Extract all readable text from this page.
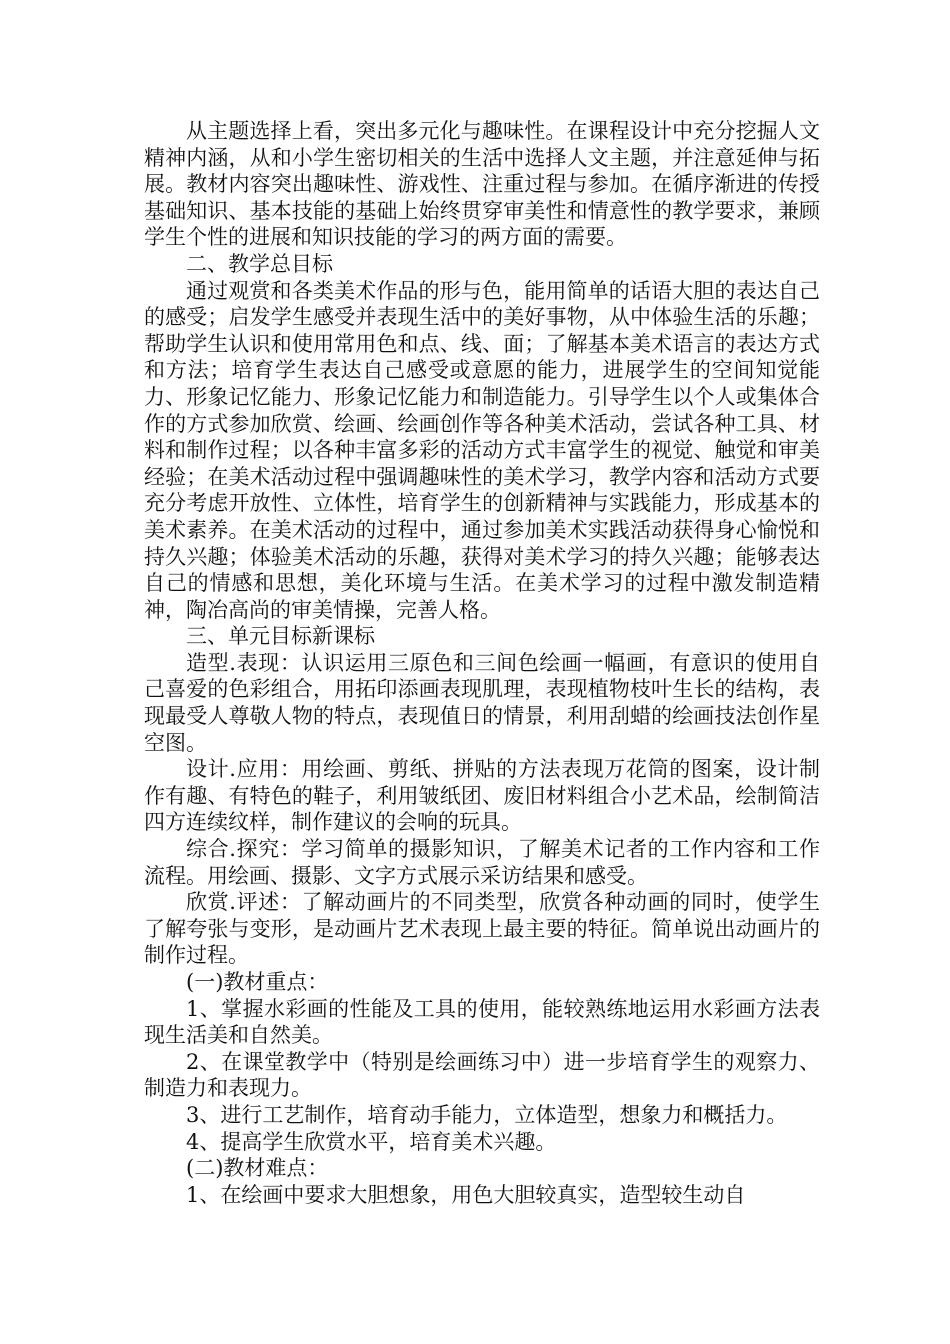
从主题选择上看，突出多元化与趣味性。在课程设计中充分挖掘人文精神内涵，从和小学生密切相关的生活中选择人文主题，并注意延伸与拓展。教材内容突出趣味性、游戏性、注重过程与参加。在循序渐进的传授基础知识、基本技能的基础上始终贯穿审美性和情意性的教学要求，兼顾学生个性的进展和知识技能的学习的两方面的需要。

二、教学总目标

通过观赏和各类美术作品的形与色，能用简单的话语大胆的表达自己的感受；启发学生感受并表现生活中的美好事物，从中体验生活的乐趣；帮助学生认识和使用常用色和点、线、面；了解基本美术语言的表达方式和方法；培育学生表达自己感受或意愿的能力，进展学生的空间知觉能力、形象记忆能力、形象记忆能力和制造能力。引导学生以个人或集体合作的方式参加欣赏、绘画、绘画创作等各种美术活动，尝试各种工具、材料和制作过程；以各种丰富多彩的活动方式丰富学生的视觉、触觉和审美经验；在美术活动过程中强调趣味性的美术学习，教学内容和活动方式要充分考虑开放性、立体性，培育学生的创新精神与实践能力，形成基本的美术素养。在美术活动的过程中，通过参加美术实践活动获得身心愉悦和持久兴趣；体验美术活动的乐趣，获得对美术学习的持久兴趣；能够表达自己的情感和思想，美化环境与生活。在美术学习的过程中激发制造精神，陶冶高尚的审美情操，完善人格。

三、单元目标新课标

造型.表现：认识运用三原色和三间色绘画一幅画，有意识的使用自己喜爱的色彩组合，用拓印添画表现肌理，表现植物枝叶生长的结构，表现最受人尊敬人物的特点，表现值日的情景，利用刮蜡的绘画技法创作星空图。

设计.应用：用绘画、剪纸、拼贴的方法表现万花筒的图案，设计制作有趣、有特色的鞋子，利用皱纸团、废旧材料组合小艺术品，绘制简洁四方连续纹样，制作建议的会响的玩具。

综合.探究：学习简单的摄影知识，了解美术记者的工作内容和工作流程。用绘画、摄影、文字方式展示采访结果和感受。

欣赏.评述：了解动画片的不同类型，欣赏各种动画的同时，使学生了解夸张与变形，是动画片艺术表现上最主要的特征。简单说出动画片的制作过程。

(一)教材重点：

1、掌握水彩画的性能及工具的使用，能较熟练地运用水彩画方法表现生活美和自然美。

2、在课堂教学中（特别是绘画练习中）进一步培育学生的观察力、制造力和表现力。

3、进行工艺制作，培育动手能力，立体造型，想象力和概括力。

4、提高学生欣赏水平，培育美术兴趣。

(二)教材难点：

1、在绘画中要求大胆想象，用色大胆较真实，造型较生动自
